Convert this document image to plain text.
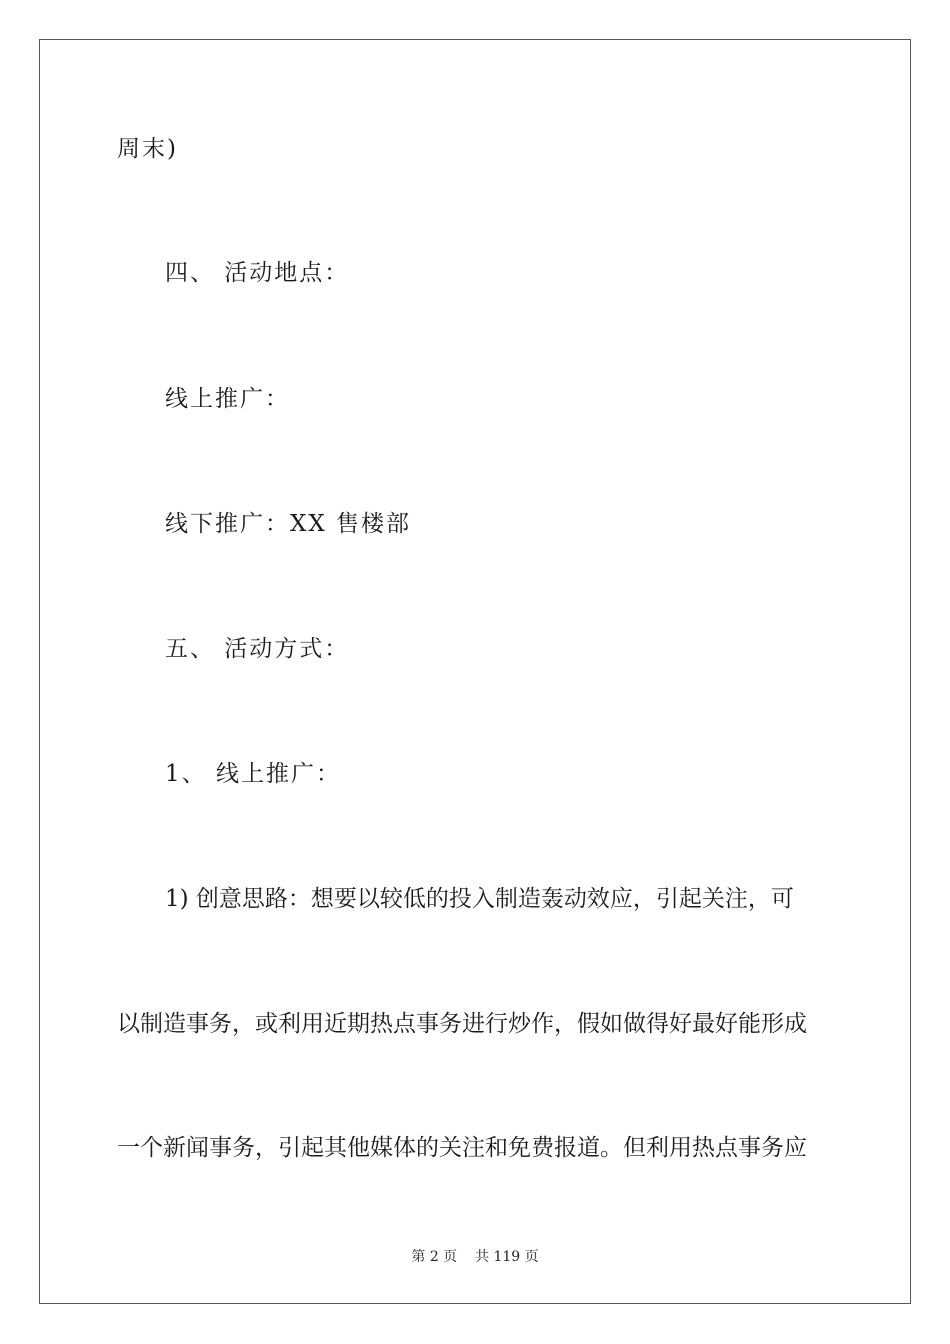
周末)
四、 活动地点：
线上推广：
线下推广：XX 售楼部
五、 活动方式：
1、 线上推广：
1) 创意思路：想要以较低的投入制造轰动效应，引起关注，可
以制造事务，或利用近期热点事务进行炒作，假如做得好最好能形成
一个新闻事务，引起其他媒体的关注和免费报道。但利用热点事务应
第 2 页 共 119 页
